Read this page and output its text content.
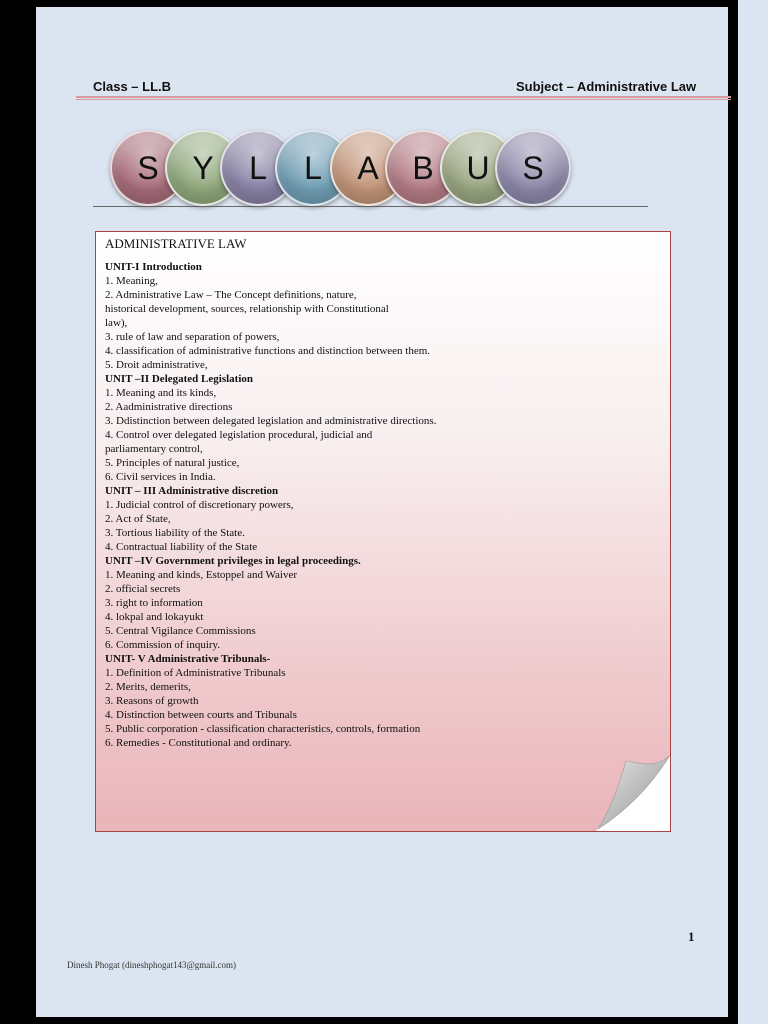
Class – LL.B	Subject – Administrative Law
S	Y	L	L	A	B	U	S
ADMINISTRATIVE LAW
UNIT-I Introduction
1. Meaning,
2. Administrative Law – The Concept definitions, nature,
historical development, sources, relationship with Constitutional
law),
3. rule of law and separation of powers,
4. classification of administrative functions and distinction between them.
5. Droit administrative,
UNIT –II Delegated Legislation
1. Meaning and its kinds,
2. Aadministrative directions
3. Ddistinction between delegated legislation and administrative directions.
4. Control over delegated legislation procedural, judicial and
parliamentary control,
5. Principles of natural justice,
6. Civil services in India.
UNIT – III Administrative discretion
1. Judicial control of discretionary powers,
2. Act of State,
3. Tortious liability of the State.
4. Contractual liability of the State
UNIT –IV Government privileges in legal proceedings.
1. Meaning and kinds, Estoppel and Waiver
2. official secrets
3. right to information
4. lokpal and lokayukt
5. Central Vigilance Commissions
6. Commission of inquiry.
UNIT- V Administrative Tribunals-
1. Definition of Administrative Tribunals
2. Merits, demerits,
3. Reasons of growth
4. Distinction between courts and Tribunals
5. Public corporation - classification characteristics, controls, formation
6. Remedies - Constitutional and ordinary.
1
Dinesh Phogat (dineshphogat143@gmail.com)
